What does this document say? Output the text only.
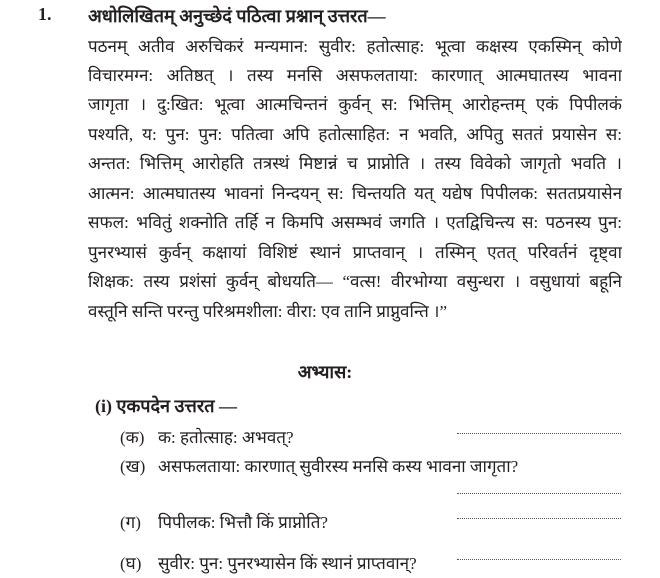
1. अधोलिखितम् अनुच्छेदं पठित्वा प्रश्नान् उत्तरत—
पठनम् अतीव अरुचिकरं मन्यमान: सुवीर: हतोत्साह: भूत्वा कक्षस्य एकस्मिन् कोणे
विचारमग्न: अतिष्ठत् । तस्य मनसि असफलताया: कारणात् आत्मघातस्य भावना
जागृता । दु:खित: भूत्वा आत्मचिन्तनं कुर्वन् स: भित्तिम् आरोहन्तम् एकं पिपीलकं
पश्यति, य: पुन: पुन: पतित्वा अपि हतोत्साहित: न भवति, अपितु सततं प्रयासेन स:
अन्तत: भित्तिम् आरोहति तत्रस्थं मिष्टान्नं च प्राप्नोति । तस्य विवेको जागृतो भवति ।
आत्मन: आत्मघातस्य भावनां निन्दयन् स: चिन्तयति यत् यद्येष पिपीलक: सततप्रयासेन
सफल: भवितुं शक्नोति तर्हि न किमपि असम्भवं जगति । एतद्विचिन्त्य स: पठनस्य पुन:
पुनरभ्यासं कुर्वन् कक्षायां विशिष्टं स्थानं प्राप्तवान् । तस्मिन् एतत् परिवर्तनं दृष्ट्वा
शिक्षक: तस्य प्रशंसां कुर्वन् बोधयति— “वत्स! वीरभोग्या वसुन्धरा । वसुधायां बहूनि
वस्तूनि सन्ति परन्तु परिश्रमशीला: वीरा: एव तानि प्राप्नुवन्ति ।”
अभ्यास:
(i) एकपदेन उत्तरत —
(क) क: हतोत्साह: अभवत्?
(ख) असफलताया: कारणात् सुवीरस्य मनसि कस्य भावना जागृता?
(ग) पिपीलक: भित्तौ किं प्राप्नोति?
(घ) सुवीर: पुन: पुनरभ्यासेन किं स्थानं प्राप्तवान्?
